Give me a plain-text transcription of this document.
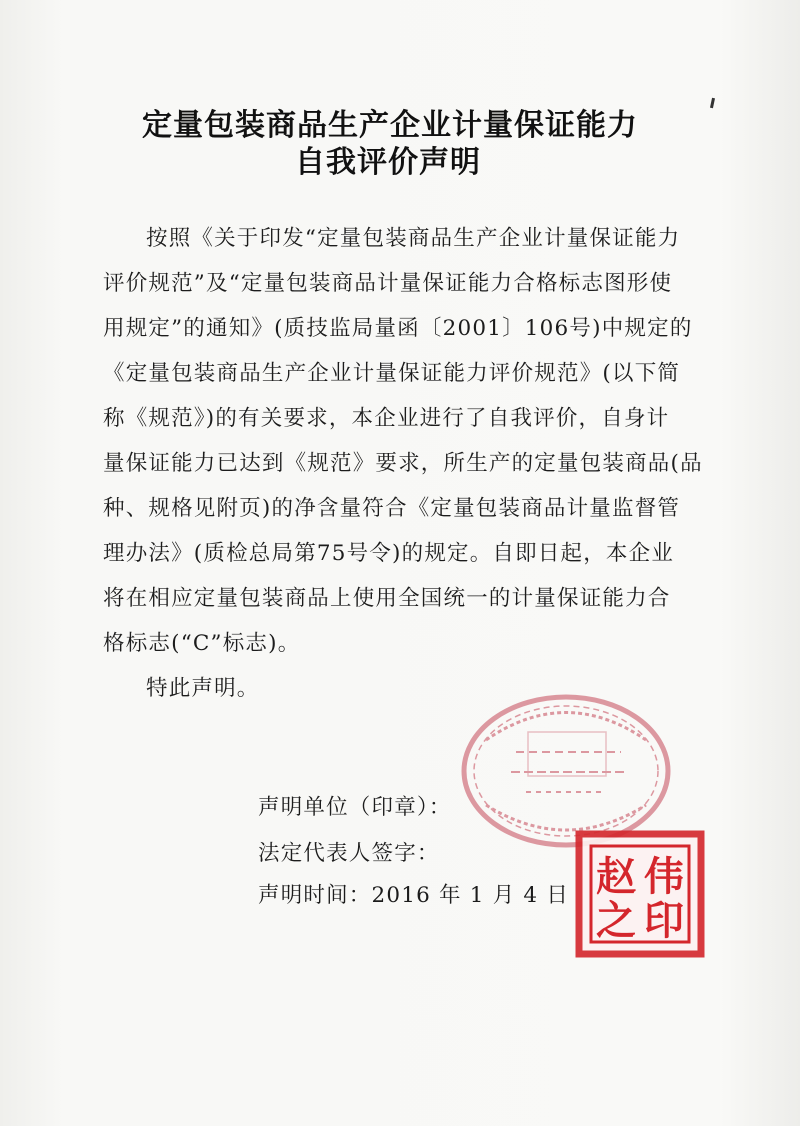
定量包装商品生产企业计量保证能力
自我评价声明
按照《关于印发“定量包装商品生产企业计量保证能力
评价规范”及“定量包装商品计量保证能力合格标志图形使
用规定”的通知》(质技监局量函〔2001〕106号)中规定的
《定量包装商品生产企业计量保证能力评价规范》(以下简
称《规范》)的有关要求，本企业进行了自我评价，自身计
量保证能力已达到《规范》要求，所生产的定量包装商品(品
种、规格见附页)的净含量符合《定量包装商品计量监督管
理办法》(质检总局第75号令)的规定。自即日起，本企业
将在相应定量包装商品上使用全国统一的计量保证能力合
格标志(“C”标志)。
特此声明。
声明单位（印章）：
法定代表人签字：
声明时间：2016 年 1 月 4 日 伟
赵
之 印
